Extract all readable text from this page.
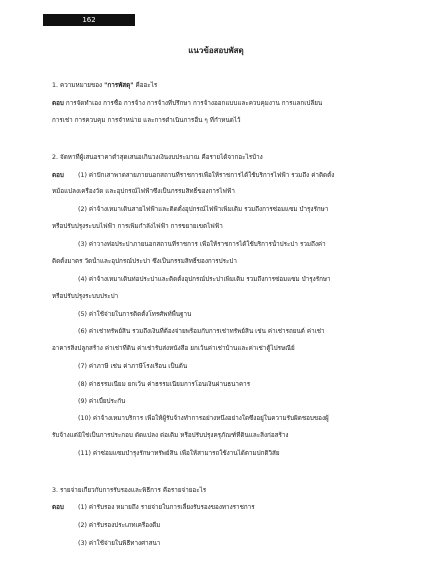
162
แนวข้อสอบพัสดุ
1. ความหมายของ "การพัสดุ" คืออะไร
ตอบ การจัดทำเอง การซื้อ การจ้าง การจ้างที่ปรึกษา การจ้างออกแบบและควบคุมงาน การแลกเปลี่ยน
การเช่า การควบคุม การจำหน่าย และการดำเนินการอื่น ๆ ที่กำหนดไว้
2. จัดหาที่ผู้เสนอราคาต่ำสุดเสนอเกินวงเงินงบประมาณ คือรายได้จากอะไรบ้าง
ตอบ (1) ค่าปักเสาพาดสายภายนอกสถานที่ราชการเพื่อให้ราชการได้ใช้บริการไฟฟ้า รวมถึง ค่าติดตั้ง
หม้อแปลงเครื่องวัด และอุปกรณ์ไฟฟ้าซึ่งเป็นกรรมสิทธิ์ของการไฟฟ้า
(2) ค่าจ้างเหมาเดินสายไฟฟ้าและติดตั้งอุปกรณ์ไฟฟ้าเพิ่มเติม รวมถึงการซ่อมแซม บำรุงรักษา
หรือปรับปรุงระบบไฟฟ้า การเพิ่มกำลังไฟฟ้า การขยายเขตไฟฟ้า
(3) ค่าวางท่อประปาภายนอกสถานที่ราชการ เพื่อให้ราชการได้ใช้บริการน้ำประปา รวมถึงค่า
ติดตั้งมาตร วัดน้ำและอุปกรณ์ประปา ซึ่งเป็นกรรมสิทธิ์ของการประปา
(4) ค่าจ้างเหมาเดินท่อประปาและติดตั้งอุปกรณ์ประปาเพิ่มเติม รวมถึงการซ่อมแซม บำรุงรักษา
หรือปรับปรุงระบบประปา
(5) ค่าใช้จ่ายในการติดตั้งโทรศัพท์พื้นฐาน
(6) ค่าเช่าทรัพย์สิน รวมถึงเงินที่ต้องจ่ายพร้อมกับการเช่าทรัพย์สิน เช่น ค่าเช่ารถยนต์ ค่าเช่า
อาคารสิ่งปลูกสร้าง ค่าเช่าที่ดิน ค่าเช่ารับส่งหนังสือ ยกเว้นค่าเช่าบ้านและค่าเช่าตู้ไปรษณีย์
(7) ค่าภาษี เช่น ค่าภาษีโรงเรือน เป็นต้น
(8) ค่าธรรมเนียม ยกเว้น ค่าธรรมเนียมการโอนเงินผ่านธนาคาร
(9) ค่าเบี้ยประกัน
(10) ค่าจ้างเหมาบริการ เพื่อให้ผู้รับจ้างทำการอย่างหนึ่งอย่างใดซึ่งอยู่ในความรับผิดชอบของผู้
รับจ้างแต่มิใช่เป็นการประกอบ ดัดแปลง ต่อเติม หรือปรับปรุงครุภัณฑ์ที่ดินและสิ่งก่อสร้าง
(11) ค่าซ่อมแซมบำรุงรักษาทรัพย์สิน เพื่อให้สามารถใช้งานได้ตามปกติวิสัย
3. รายจ่ายเกี่ยวกับการรับรองและพิธีการ คือรายจ่ายอะไร
ตอบ (1) ค่ารับรอง หมายถึง รายจ่ายในการเลี้ยงรับรองของทางราชการ
(2) ค่ารับรองประเภทเครื่องดื่ม
(3) ค่าใช้จ่ายในพิธีทางศาสนา
